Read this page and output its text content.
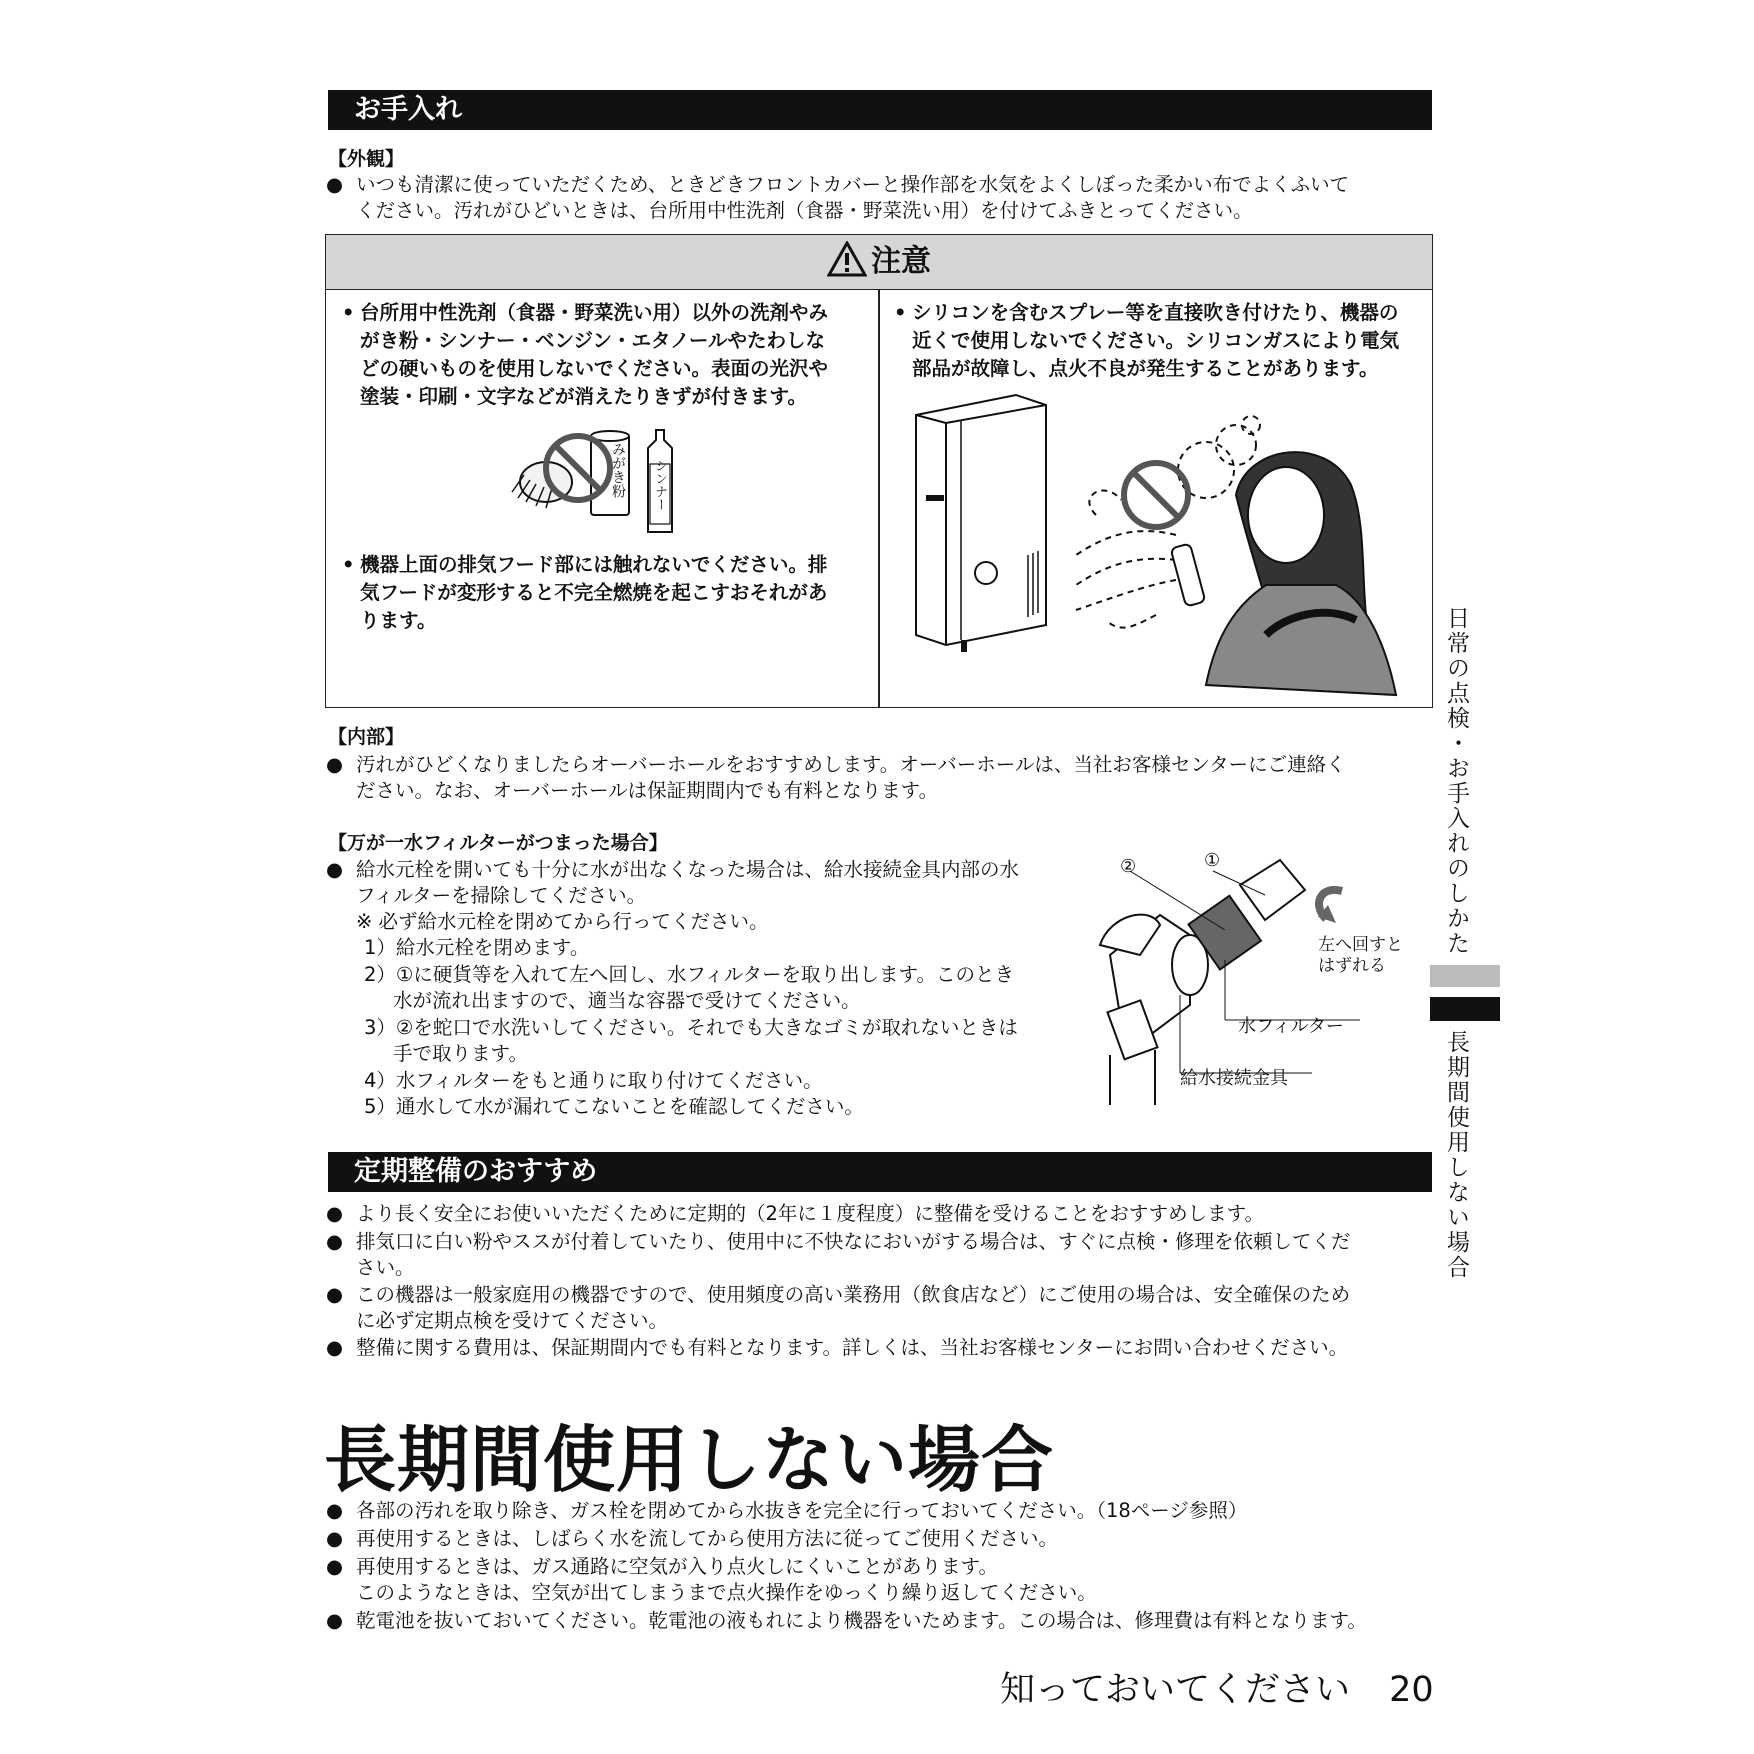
お手入れ
【外観】
● いつも清潔に使っていただくため、ときどきフロントカバーと操作部を水気をよくしぼった柔かい布でよくふいて
ください。汚れがひどいときは、台所用中性洗剤（食器・野菜洗い用）を付けてふきとってください。
注意
• 台所用中性洗剤（食器・野菜洗い用）以外の洗剤やみ
がき粉・シンナー・ベンジン・エタノールやたわしな
どの硬いものを使用しないでください。表面の光沢や
塗装・印刷・文字などが消えたりきずが付きます。
みがき粉 シンナー
• 機器上面の排気フード部には触れないでください。排
気フードが変形すると不完全燃焼を起こすおそれがあ
ります。
• シリコンを含むスプレー等を直接吹き付けたり、機器の
近くで使用しないでください。シリコンガスにより電気
部品が故障し、点火不良が発生することがあります。
【内部】
● 汚れがひどくなりましたらオーバーホールをおすすめします。オーバーホールは、当社お客様センターにご連絡く
ださい。なお、オーバーホールは保証期間内でも有料となります。
【万が一水フィルターがつまった場合】
● 給水元栓を開いても十分に水が出なくなった場合は、給水接続金具内部の水
フィルターを掃除してください。
※ 必ず給水元栓を閉めてから行ってください。
1）給水元栓を閉めます。
2）①に硬貨等を入れて左へ回し、水フィルターを取り出します。このとき
水が流れ出ますので、適当な容器で受けてください。
3）②を蛇口で水洗いしてください。それでも大きなゴミが取れないときは
手で取ります。
4）水フィルターをもと通りに取り付けてください。
5）通水して水が漏れてこないことを確認してください。
②	①
左へ回すと
はずれる
水フィルター
給水接続金具
定期整備のおすすめ
● より長く安全にお使いいただくために定期的（2年に１度程度）に整備を受けることをおすすめします。
● 排気口に白い粉やススが付着していたり、使用中に不快なにおいがする場合は、すぐに点検・修理を依頼してくだ
さい。
● この機器は一般家庭用の機器ですので、使用頻度の高い業務用（飲食店など）にご使用の場合は、安全確保のため
に必ず定期点検を受けてください。
● 整備に関する費用は、保証期間内でも有料となります。詳しくは、当社お客様センターにお問い合わせください。
長期間使用しない場合
● 各部の汚れを取り除き、ガス栓を閉めてから水抜きを完全に行っておいてください。（18ページ参照）
● 再使用するときは、しばらく水を流してから使用方法に従ってご使用ください。
● 再使用するときは、ガス通路に空気が入り点火しにくいことがあります。
このようなときは、空気が出てしまうまで点火操作をゆっくり繰り返してください。
● 乾電池を抜いておいてください。乾電池の液もれにより機器をいためます。この場合は、修理費は有料となります。
日常の点検・お手入れのしかた
長期間使用しない場合
知っておいてください 20
